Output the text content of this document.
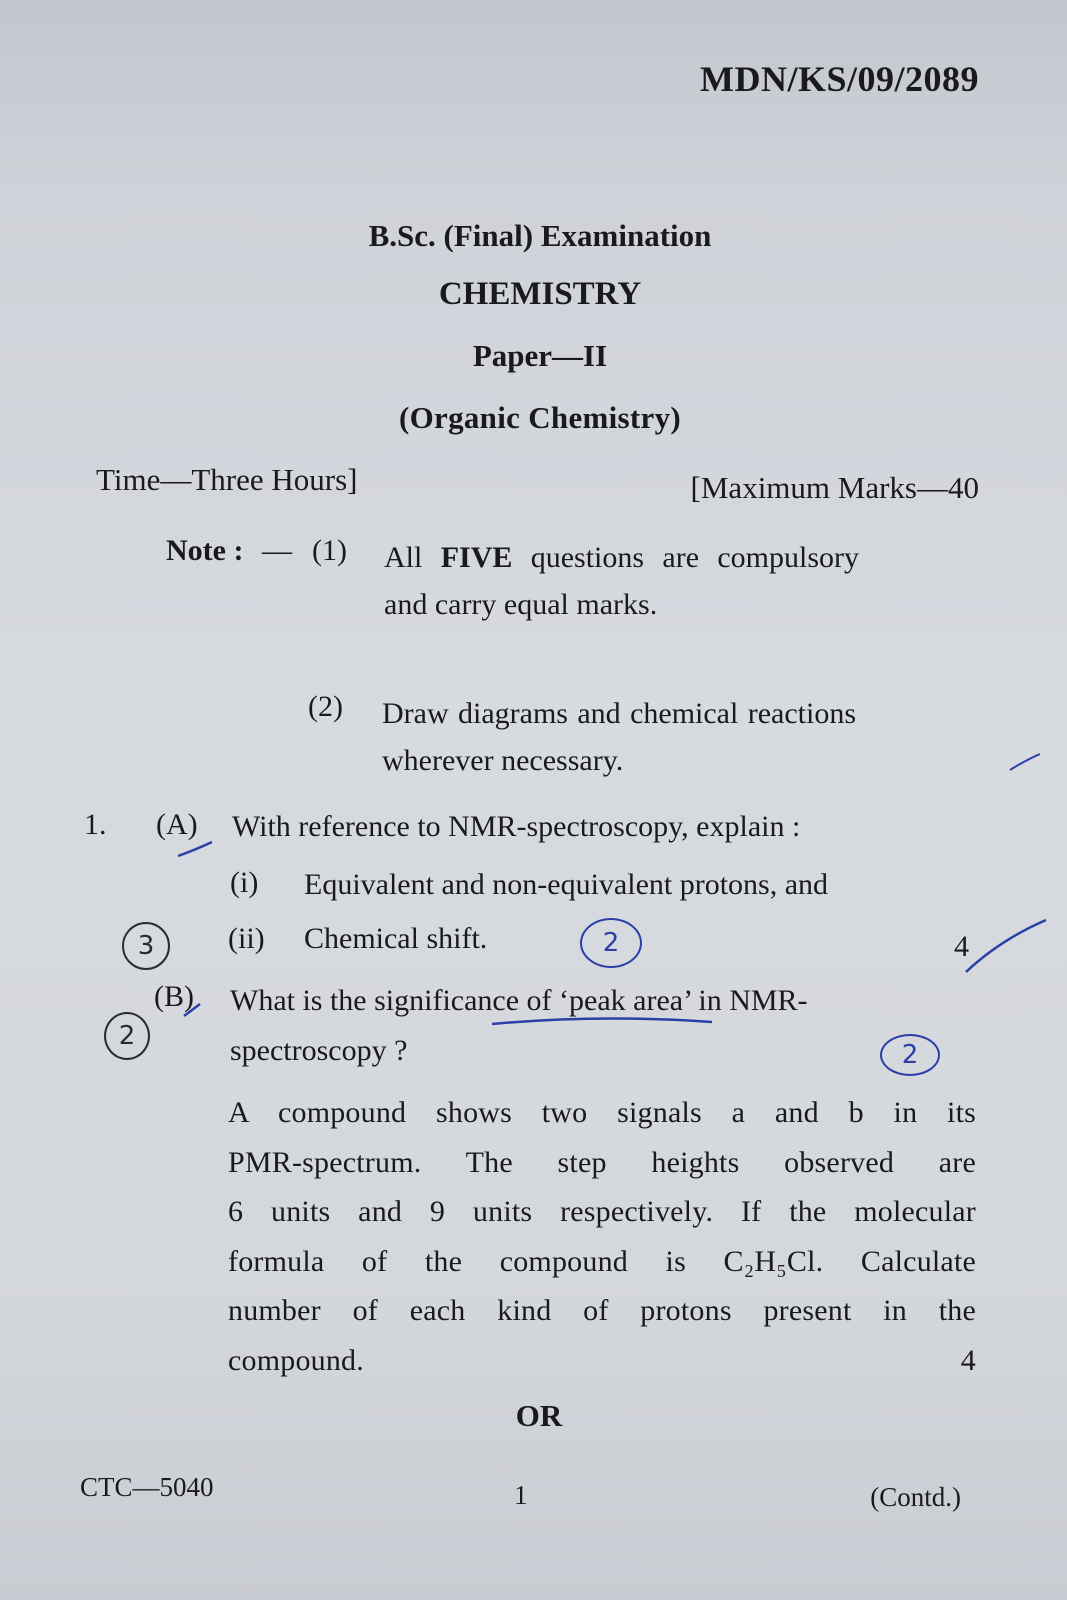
MDN/KS/09/2089
B.Sc. (Final) Examination
CHEMISTRY
Paper—II
(Organic Chemistry)
Time—Three Hours]	[Maximum Marks—40
Note : — (1) All FIVE questions are compulsory and carry equal marks.
(2) Draw diagrams and chemical reactions wherever necessary.
1. (A) With reference to NMR-spectroscopy, explain :
(i) Equivalent and non-equivalent protons, and
(ii) Chemical shift.	4
(B) What is the significance of ‘peak area’ in NMR-
spectroscopy ?
A compound shows two signals a and b in its
PMR-spectrum. The step heights observed are
6 units and 9 units respectively. If the molecular
formula of the compound is C₂H₅Cl. Calculate
number of each kind of protons present in the
compound.	4
OR
CTC—5040	1	(Contd.)
3	2
2
2
